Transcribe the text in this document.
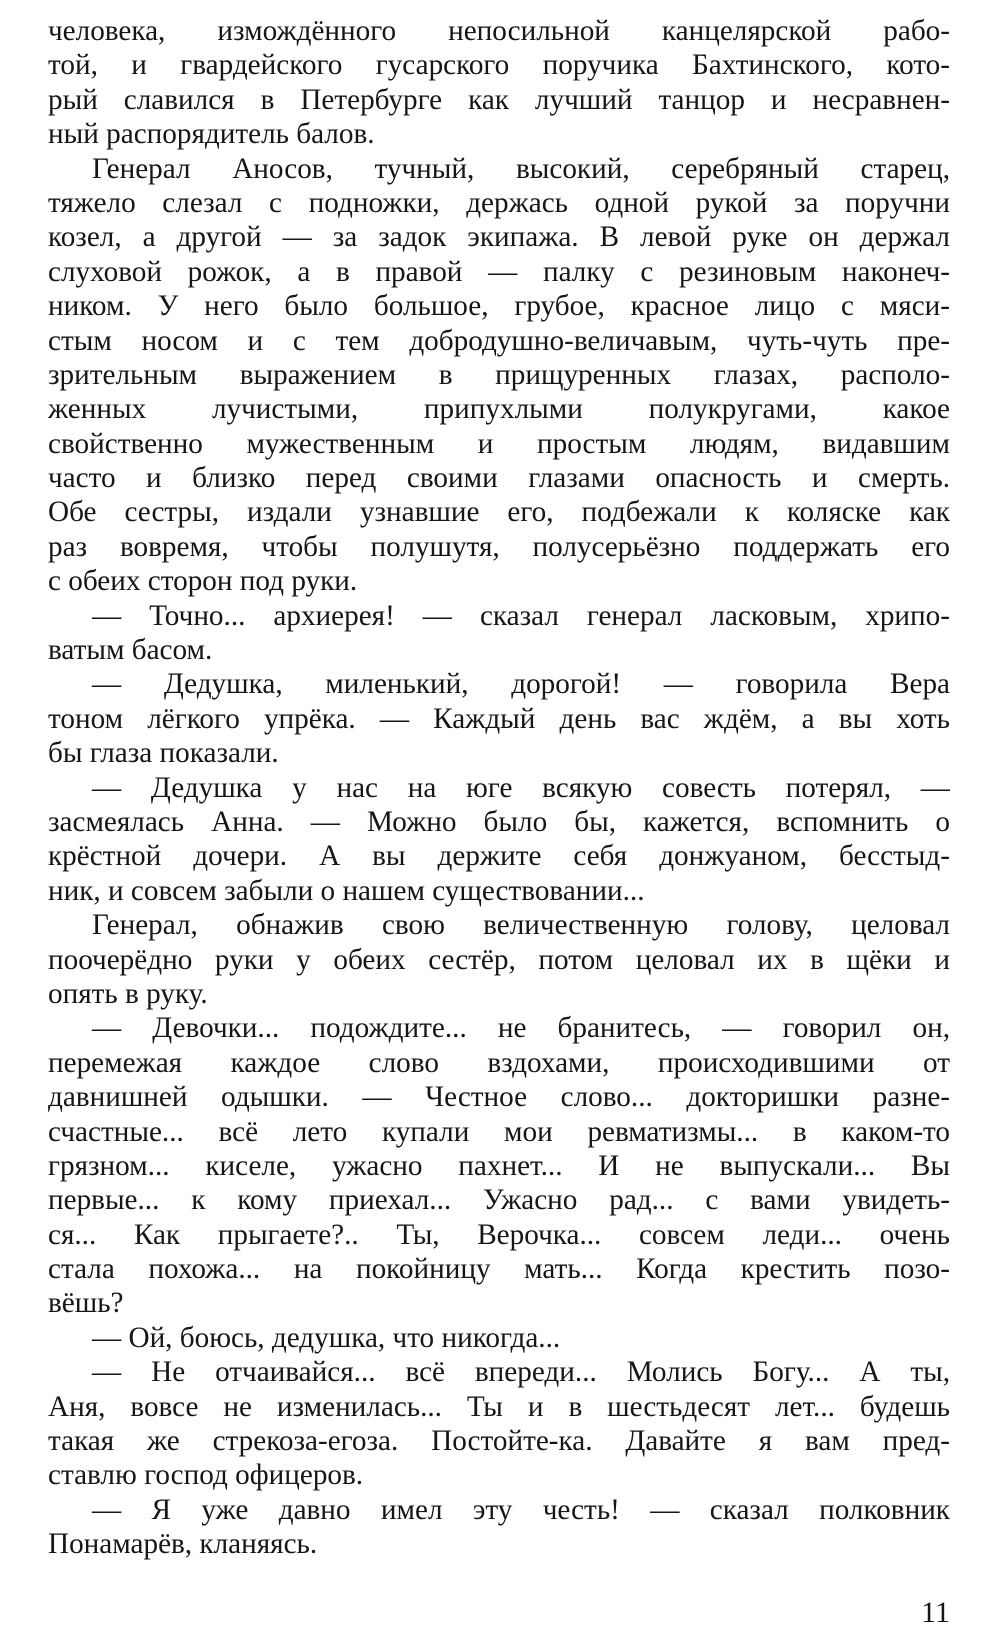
человека, измождённого непосильной канцелярской рабо-
той, и гвардейского гусарского поручика Бахтинского, кото-
рый славился в Петербурге как лучший танцор и несравнен-
ный распорядитель балов.
Генерал Аносов, тучный, высокий, серебряный старец,
тяжело слезал с подножки, держась одной рукой за поручни
козел, а другой — за задок экипажа. В левой руке он держал
слуховой рожок, а в правой — палку с резиновым наконеч-
ником. У него было большое, грубое, красное лицо с мяси-
стым носом и с тем добродушно-величавым, чуть-чуть пре-
зрительным выражением в прищуренных глазах, располо-
женных лучистыми, припухлыми полукругами, какое
свойственно мужественным и простым людям, видавшим
часто и близко перед своими глазами опасность и смерть.
Обе сестры, издали узнавшие его, подбежали к коляске как
раз вовремя, чтобы полушутя, полусерьёзно поддержать его
с обеих сторон под руки.
— Точно... архиерея! — сказал генерал ласковым, хрипо-
ватым басом.
— Дедушка, миленький, дорогой! — говорила Вера
тоном лёгкого упрёка. — Каждый день вас ждём, а вы хоть
бы глаза показали.
— Дедушка у нас на юге всякую совесть потерял, —
засмеялась Анна. — Можно было бы, кажется, вспомнить о
крёстной дочери. А вы держите себя донжуаном, бесстыд-
ник, и совсем забыли о нашем существовании...
Генерал, обнажив свою величественную голову, целовал
поочерёдно руки у обеих сестёр, потом целовал их в щёки и
опять в руку.
— Девочки... подождите... не бранитесь, — говорил он,
перемежая каждое слово вздохами, происходившими от
давнишней одышки. — Честное слово... докторишки разне-
счастные... всё лето купали мои ревматизмы... в каком-то
грязном... киселе, ужасно пахнет... И не выпускали... Вы
первые... к кому приехал... Ужасно рад... с вами увидеть-
ся... Как прыгаете?.. Ты, Верочка... совсем леди... очень
стала похожа... на покойницу мать... Когда крестить позо-
вёшь?
— Ой, боюсь, дедушка, что никогда...
— Не отчаивайся... всё впереди... Молись Богу... А ты,
Аня, вовсе не изменилась... Ты и в шестьдесят лет... будешь
такая же стрекоза-егоза. Постойте-ка. Давайте я вам пред-
ставлю господ офицеров.
— Я уже давно имел эту честь! — сказал полковник
Понамарёв, кланяясь.
11
